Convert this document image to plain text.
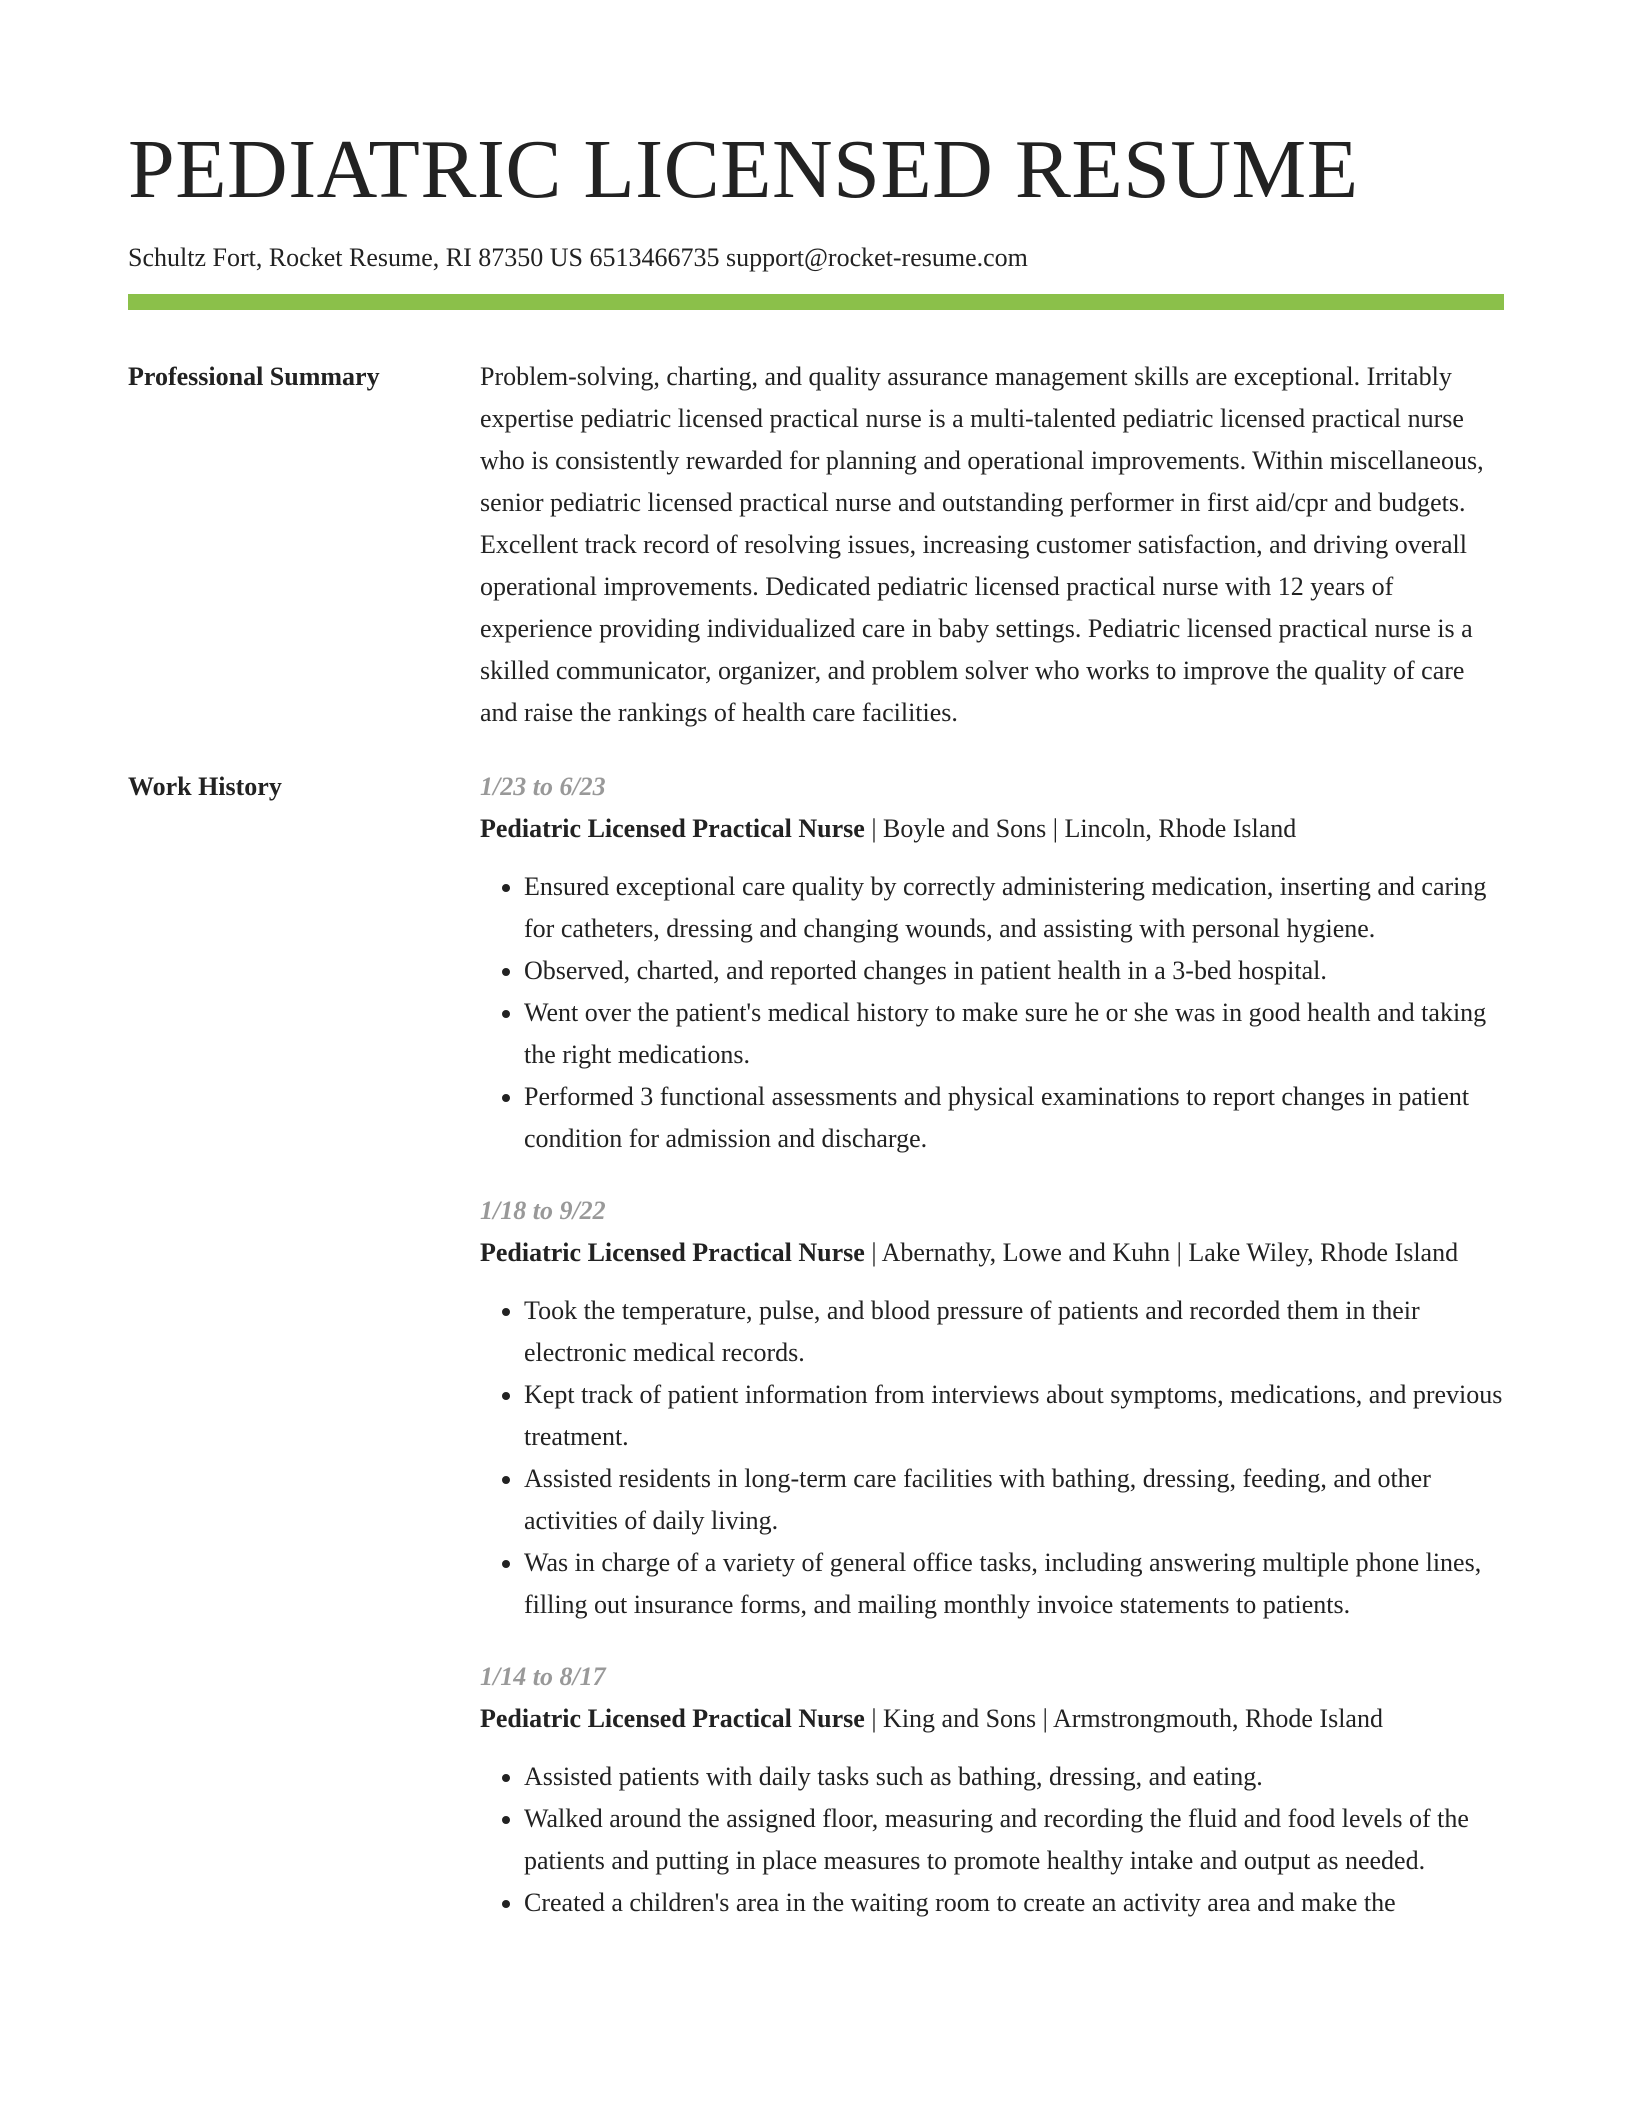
PEDIATRIC LICENSED RESUME
Schultz Fort, Rocket Resume, RI 87350 US 6513466735 support@rocket-resume.com
Professional Summary	Problem-solving, charting, and quality assurance management skills are exceptional. Irritably expertise pediatric licensed practical nurse is a multi-talented pediatric licensed practical nurse who is consistently rewarded for planning and operational improvements. Within miscellaneous, senior pediatric licensed practical nurse and outstanding performer in first aid/cpr and budgets. Excellent track record of resolving issues, increasing customer satisfaction, and driving overall operational improvements. Dedicated pediatric licensed practical nurse with 12 years of experience providing individualized care in baby settings. Pediatric licensed practical nurse is a skilled communicator, organizer, and problem solver who works to improve the quality of care and raise the rankings of health care facilities.

Work History	1/23 to 6/23
Pediatric Licensed Practical Nurse | Boyle and Sons | Lincoln, Rhode Island
• Ensured exceptional care quality by correctly administering medication, inserting and caring for catheters, dressing and changing wounds, and assisting with personal hygiene.
• Observed, charted, and reported changes in patient health in a 3-bed hospital.
• Went over the patient's medical history to make sure he or she was in good health and taking the right medications.
• Performed 3 functional assessments and physical examinations to report changes in patient condition for admission and discharge.
1/18 to 9/22
Pediatric Licensed Practical Nurse | Abernathy, Lowe and Kuhn | Lake Wiley, Rhode Island
• Took the temperature, pulse, and blood pressure of patients and recorded them in their electronic medical records.
• Kept track of patient information from interviews about symptoms, medications, and previous treatment.
• Assisted residents in long-term care facilities with bathing, dressing, feeding, and other activities of daily living.
• Was in charge of a variety of general office tasks, including answering multiple phone lines, filling out insurance forms, and mailing monthly invoice statements to patients.
1/14 to 8/17
Pediatric Licensed Practical Nurse | King and Sons | Armstrongmouth, Rhode Island
• Assisted patients with daily tasks such as bathing, dressing, and eating.
• Walked around the assigned floor, measuring and recording the fluid and food levels of the patients and putting in place measures to promote healthy intake and output as needed.
• Created a children's area in the waiting room to create an activity area and make the
